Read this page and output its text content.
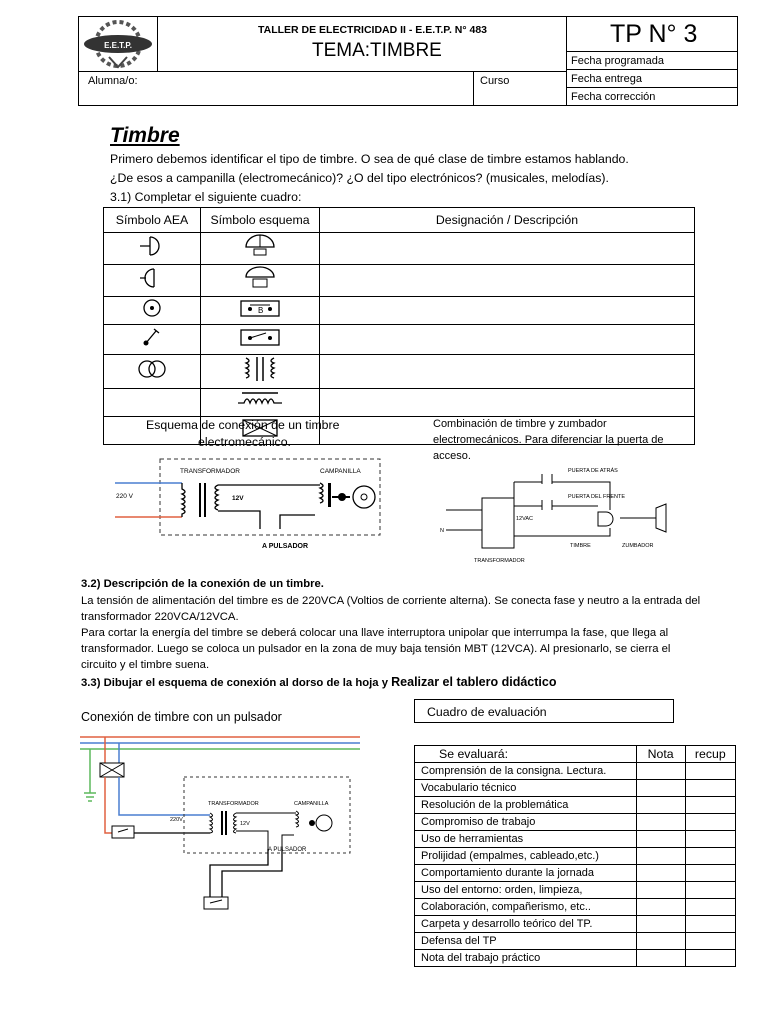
E.E.T.P.
TALLER DE ELECTRICIDAD II - E.E.T.P. N° 483
TEMA:TIMBRE
TP N° 3
Fecha programada
Fecha entrega
Fecha corrección
Alumna/o:	Curso
Timbre
Primero debemos identificar el tipo de timbre. O sea de qué clase de timbre estamos hablando.
¿De esos a campanilla (electromecánico)? ¿O del tipo electrónicos? (musicales, melodías).
3.1) Completar el siguiente cuadro:
Símbolo AEA	Símbolo esquema	Designación / Descripción

B	

Esquema de conexión de un timbre
electromecánico.
TRANSFORMADOR	CAMPANILLA
220 V	12V
A PULSADOR
Combinación de timbre y zumbador
electromecánicos. Para diferenciar la puerta de
acceso.
PUERTA DE ATRÁS
PUERTA DEL FRENTE
12VAC
N
TIMBRE	ZUMBADOR
TRANSFORMADOR
3.2) Descripción de la conexión de un timbre.
La tensión de alimentación del timbre es de 220VCA (Voltios de corriente alterna). Se conecta fase y neutro a la entrada del
transformador 220VCA/12VCA.
Para cortar la energía del timbre se deberá colocar una llave interruptora unipolar que interrumpa la fase, que llega al
transformador. Luego se coloca un pulsador en la zona de muy baja tensión MBT (12VCA). Al presionarlo, se cierra el
circuito y el timbre suena.
3.3) Dibujar el esquema de conexión al dorso de la hoja y Realizar el tablero didáctico
Conexión de timbre con un pulsador
TRANSFORMADOR	CAMPANILLA
220V
12V
A PULSADOR
Cuadro de evaluación
Se evaluará:	Nota	recup
Comprensión de la consigna. Lectura.		
Vocabulario técnico		
Resolución de la problemática		
Compromiso de trabajo		
Uso de herramientas		
Prolijidad (empalmes, cableado,etc.)		
Comportamiento durante la jornada		
Uso del entorno: orden, limpieza,		
Colaboración, compañerismo, etc..		
Carpeta y desarrollo teórico del TP.		
Defensa del TP		
Nota del trabajo práctico		
